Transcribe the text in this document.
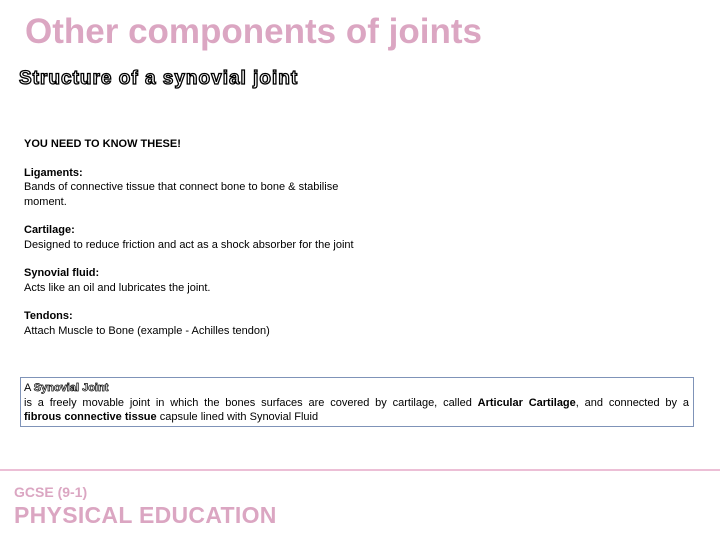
Other components of joints
Structure of a synovial joint
YOU NEED TO KNOW THESE!
Ligaments:
Bands of connective tissue that connect bone to bone & stabilise
moment.
Cartilage:
Designed to reduce friction and act as a shock absorber for the joint
Synovial fluid:
Acts like an oil and lubricates the joint.
Tendons:
Attach Muscle to Bone (example - Achilles tendon)
A Synovial Joint
is a freely movable joint in which the bones surfaces are covered by cartilage, called Articular Cartilage, and connected by a
fibrous connective tissue capsule lined with Synovial Fluid
GCSE (9-1)
PHYSICAL EDUCATION
